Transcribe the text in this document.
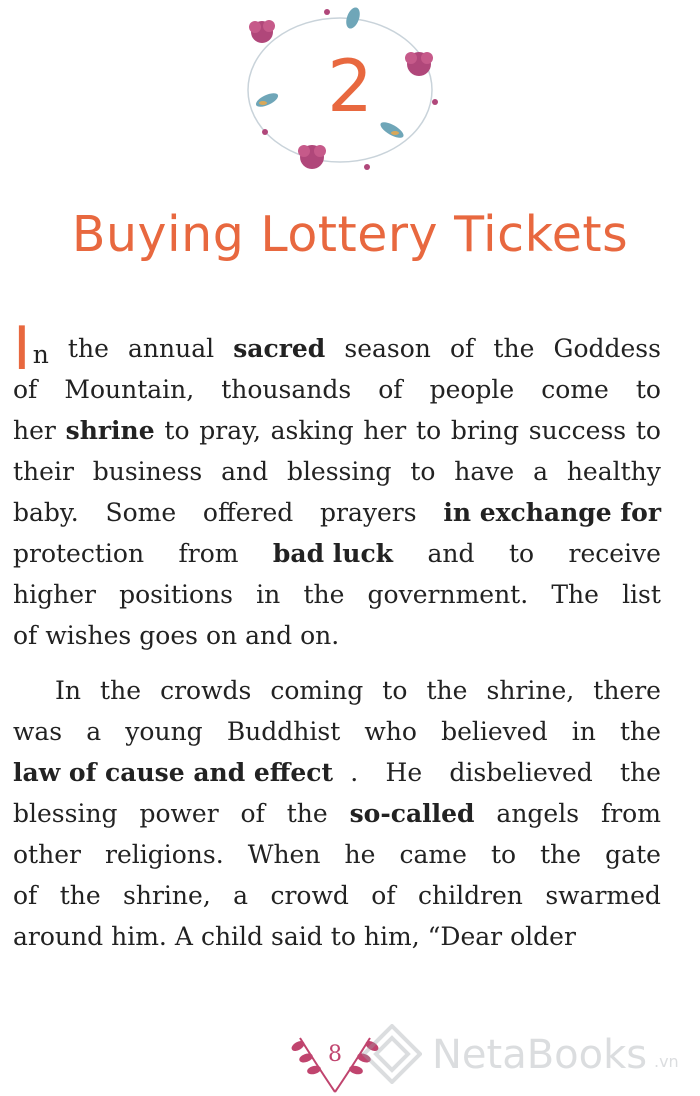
2
Buying Lottery Tickets
In the annual sacred season of the Goddess
of Mountain, thousands of people come to
her shrine to pray, asking her to bring success to
their business and blessing to have a healthy
baby. Some offered prayers in exchange for
protection from bad luck and to receive
higher positions in the government. The list
of wishes goes on and on.
In the crowds coming to the shrine, there
was a young Buddhist who believed in the
law of cause and effect . He disbelieved the
blessing power of the so-called angels from
other religions. When he came to the gate
of the shrine, a crowd of children swarmed
around him. A child said to him, “Dear older
8	NetaBooks .vn
